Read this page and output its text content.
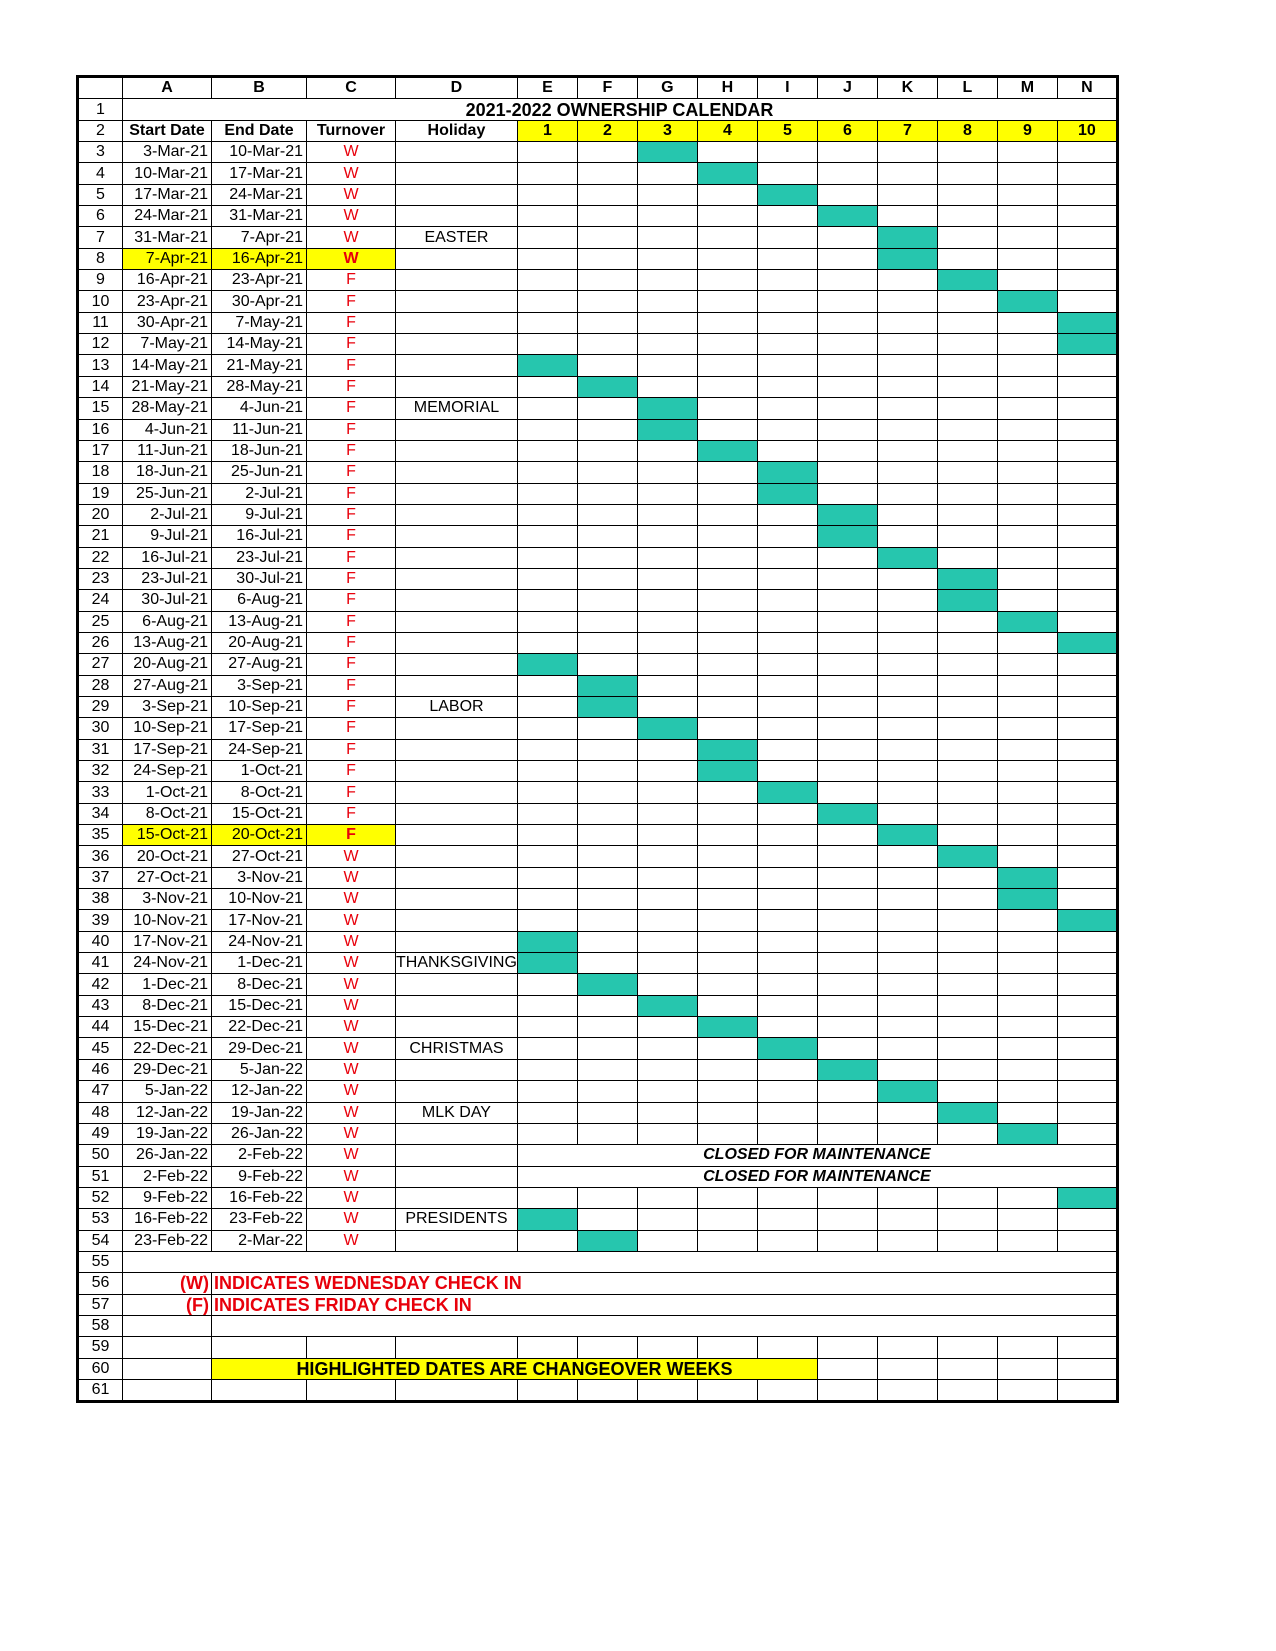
	A	B	C	D	E	F	G	H	I	J	K	L	M	N
1	2021-2022 OWNERSHIP CALENDAR													
2	Start Date	End Date	Turnover	Holiday	1	2	3	4	5	6	7	8	9	10
3	3-Mar-21	10-Mar-21	W											
4	10-Mar-21	17-Mar-21	W											
5	17-Mar-21	24-Mar-21	W											
6	24-Mar-21	31-Mar-21	W											
7	31-Mar-21	7-Apr-21	W	EASTER										
8	7-Apr-21	16-Apr-21	W											
9	16-Apr-21	23-Apr-21	F											
10	23-Apr-21	30-Apr-21	F											
11	30-Apr-21	7-May-21	F											
12	7-May-21	14-May-21	F											
13	14-May-21	21-May-21	F											
14	21-May-21	28-May-21	F											
15	28-May-21	4-Jun-21	F	MEMORIAL										
16	4-Jun-21	11-Jun-21	F											
17	11-Jun-21	18-Jun-21	F											
18	18-Jun-21	25-Jun-21	F											
19	25-Jun-21	2-Jul-21	F											
20	2-Jul-21	9-Jul-21	F											
21	9-Jul-21	16-Jul-21	F											
22	16-Jul-21	23-Jul-21	F											
23	23-Jul-21	30-Jul-21	F											
24	30-Jul-21	6-Aug-21	F											
25	6-Aug-21	13-Aug-21	F											
26	13-Aug-21	20-Aug-21	F											
27	20-Aug-21	27-Aug-21	F											
28	27-Aug-21	3-Sep-21	F											
29	3-Sep-21	10-Sep-21	F	LABOR										
30	10-Sep-21	17-Sep-21	F											
31	17-Sep-21	24-Sep-21	F											
32	24-Sep-21	1-Oct-21	F											
33	1-Oct-21	8-Oct-21	F											
34	8-Oct-21	15-Oct-21	F											
35	15-Oct-21	20-Oct-21	F											
36	20-Oct-21	27-Oct-21	W											
37	27-Oct-21	3-Nov-21	W											
38	3-Nov-21	10-Nov-21	W											
39	10-Nov-21	17-Nov-21	W											
40	17-Nov-21	24-Nov-21	W											
41	24-Nov-21	1-Dec-21	W	THANKSGIVING										
42	1-Dec-21	8-Dec-21	W											
43	8-Dec-21	15-Dec-21	W											
44	15-Dec-21	22-Dec-21	W											
45	22-Dec-21	29-Dec-21	W	CHRISTMAS										
46	29-Dec-21	5-Jan-22	W											
47	5-Jan-22	12-Jan-22	W											
48	12-Jan-22	19-Jan-22	W	MLK DAY										
49	19-Jan-22	26-Jan-22	W											
50	26-Jan-22	2-Feb-22	W		CLOSED FOR MAINTENANCE									
51	2-Feb-22	9-Feb-22	W		CLOSED FOR MAINTENANCE									
52	9-Feb-22	16-Feb-22	W											
53	16-Feb-22	23-Feb-22	W	PRESIDENTS										
54	23-Feb-22	2-Mar-22	W											
55														
56	(W)	INDICATES WEDNESDAY CHECK IN												
57	(F)	INDICATES FRIDAY CHECK IN												
58														
59														
60		HIGHLIGHTED DATES ARE CHANGEOVER WEEKS												
61														
